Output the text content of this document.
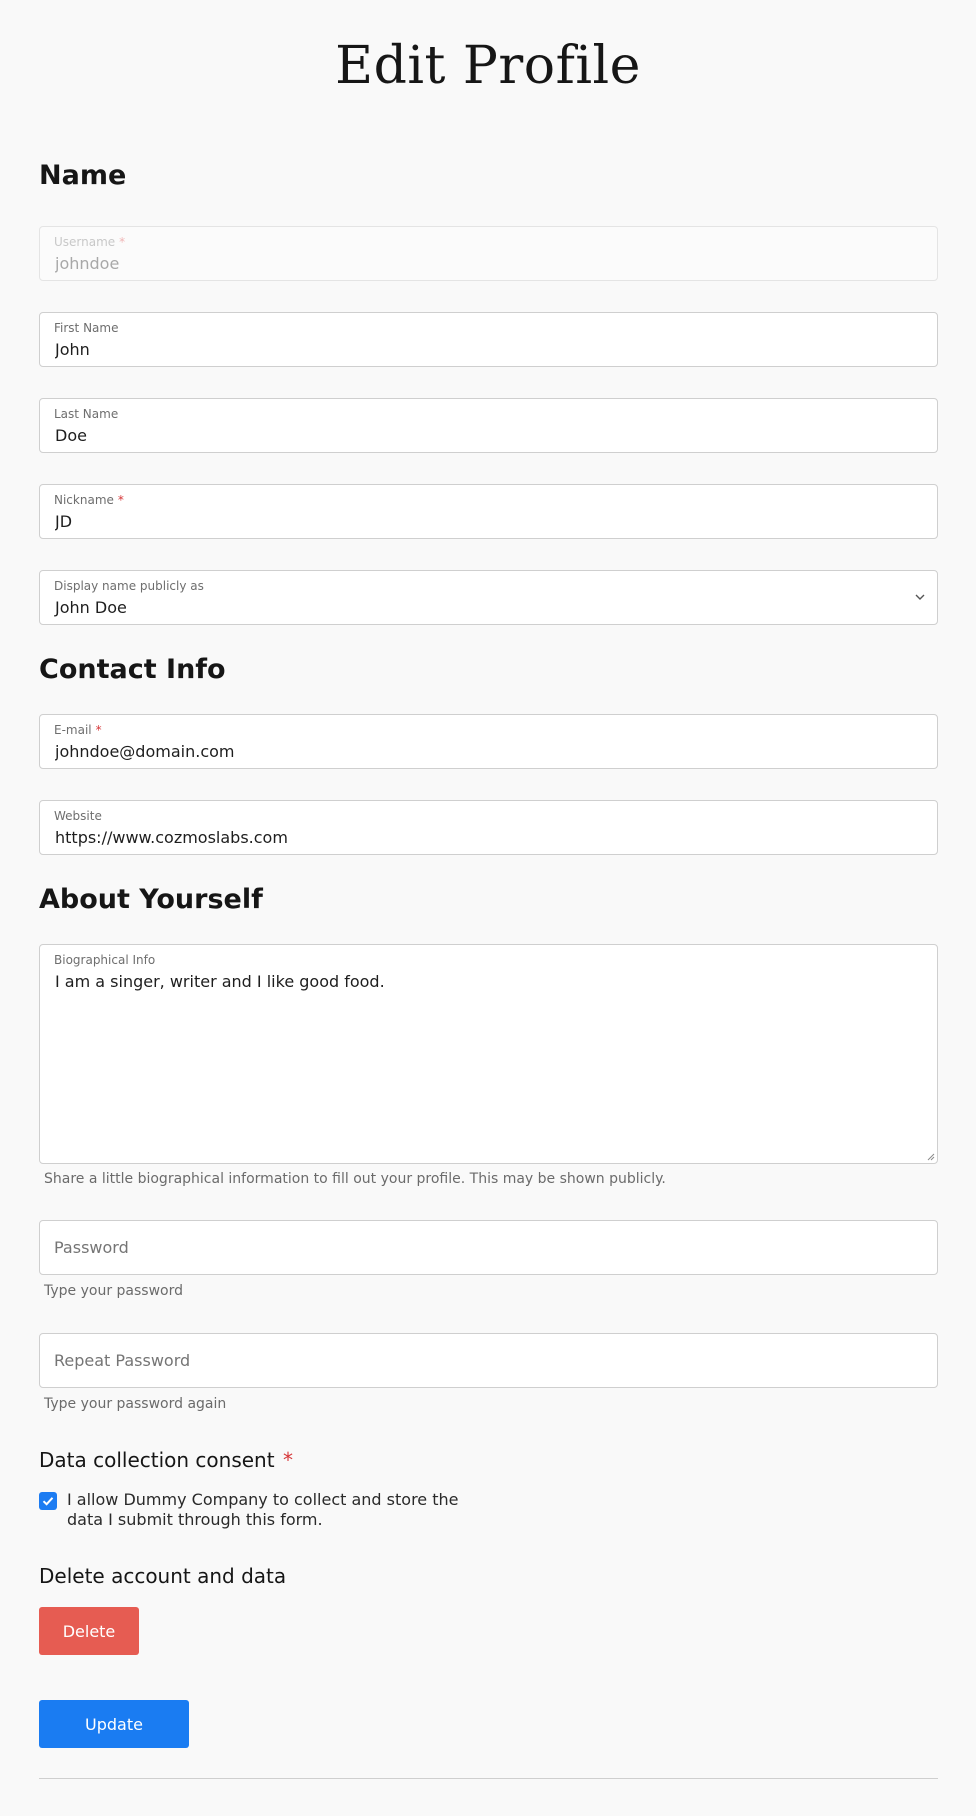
Edit Profile
Name
Username *
johndoe
First Name
John
Last Name
Doe
Nickname *
JD
Display name publicly as
John Doe
Contact Info
E-mail *
johndoe@domain.com
Website
https://www.cozmoslabs.com
About Yourself
Biographical Info
I am a singer, writer and I like good food.
Share a little biographical information to fill out your profile. This may be shown publicly.
Type your password
Type your password again
Data collection consent *
I allow Dummy Company to collect and store the data I submit through this form.
Delete account and data
Delete
Update
